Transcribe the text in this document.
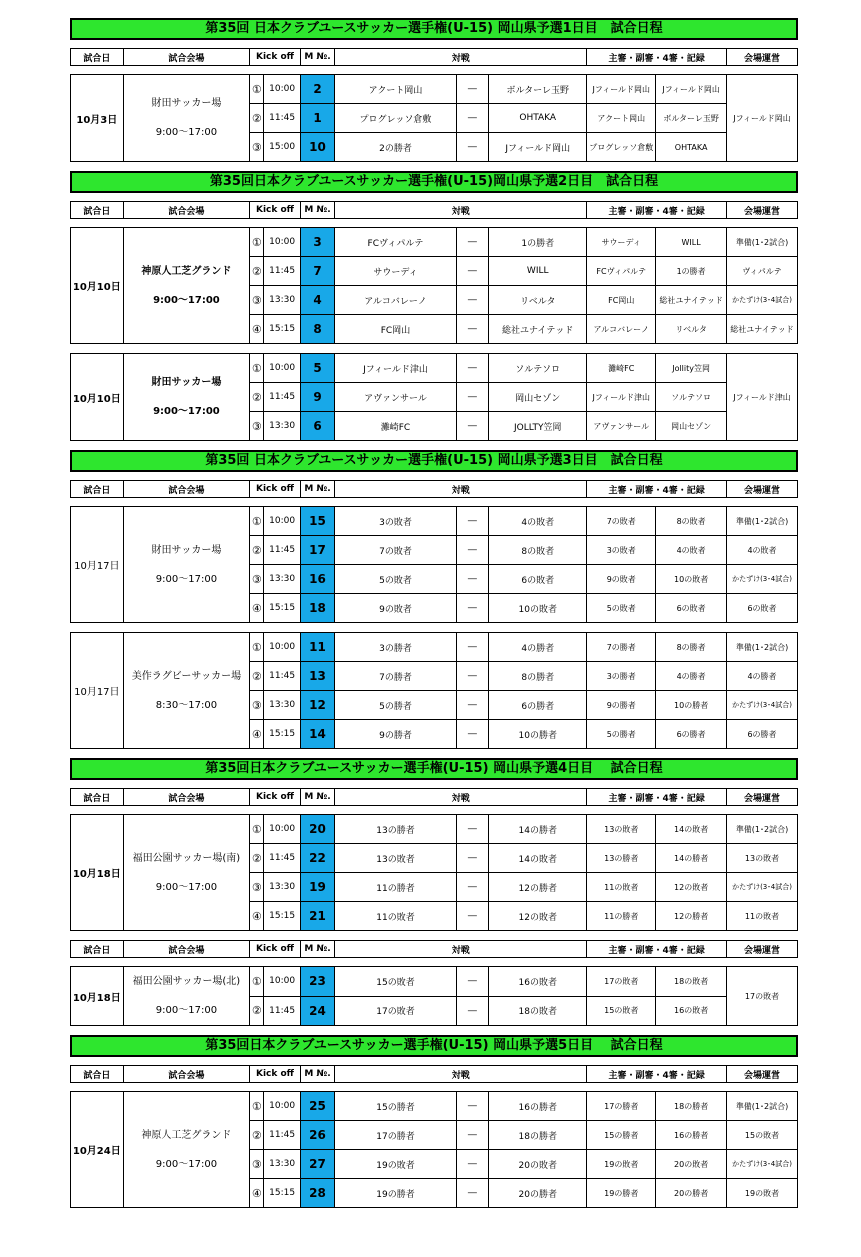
第35回 日本クラブユースサッカー選手権(U-15) 岡山県予選1日目　試合日程
試合日	試合会場	Kick off	M №.	対戦	主審・副審・4審・記録	会場運営
10月3日	財田サッカー場
9:00～17:00	①	10:00	2	アクート岡山	―	ボルターレ玉野	Jフィールド岡山	Jフィールド岡山	Jフィールド岡山
		②	11:45	1	プログレッソ倉敷	―	OHTAKA	アクート岡山	ボルターレ玉野	
		③	15:00	10	2の勝者	―	Jフィールド岡山	プログレッソ倉敷	OHTAKA	
第35回日本クラブユースサッカー選手権(U-15)岡山県予選2日目　試合日程
試合日	試合会場	Kick off	M №.	対戦	主審・副審・4審・記録	会場運営
10月10日	神原人工芝グランド
9:00～17:00	①	10:00	3	FCヴィパルテ	―	1の勝者	サウーディ	WILL	準備(1･2試合)
		②	11:45	7	サウーディ	―	WILL	FCヴィパルテ	1の勝者	ヴィパルテ
		③	13:30	4	アルコバレーノ	―	リベルタ	FC岡山	総社ユナイテッド	かたずけ(3･4試合)
		④	15:15	8	FC岡山	―	総社ユナイテッド	アルコバレーノ	リベルタ	総社ユナイテッド
10月10日	財田サッカー場
9:00～17:00	①	10:00	5	Jフィールド津山	―	ソルテソロ	灘崎FC	Jollity笠岡	Jフィールド津山
		②	11:45	9	アヴァンサール	―	岡山セゾン	Jフィールド津山	ソルテソロ	
		③	13:30	6	灘崎FC	―	JOLLTY笠岡	アヴァンサール	岡山セゾン	
第35回 日本クラブユースサッカー選手権(U-15) 岡山県予選3日目　試合日程
試合日	試合会場	Kick off	M №.	対戦	主審・副審・4審・記録	会場運営
10月17日	財田サッカー場
9:00～17:00	①	10:00	15	3の敗者	―	4の敗者	7の敗者	8の敗者	準備(1･2試合)
		②	11:45	17	7の敗者	―	8の敗者	3の敗者	4の敗者	4の敗者
		③	13:30	16	5の敗者	―	6の敗者	9の敗者	10の敗者	かたずけ(3･4試合)
		④	15:15	18	9の敗者	―	10の敗者	5の敗者	6の敗者	6の敗者
10月17日	美作ラグビーサッカー場
8:30～17:00	①	10:00	11	3の勝者	―	4の勝者	7の勝者	8の勝者	準備(1･2試合)
		②	11:45	13	7の勝者	―	8の勝者	3の勝者	4の勝者	4の勝者
		③	13:30	12	5の勝者	―	6の勝者	9の勝者	10の勝者	かたずけ(3･4試合)
		④	15:15	14	9の勝者	―	10の勝者	5の勝者	6の勝者	6の勝者
第35回日本クラブユースサッカー選手権(U-15) 岡山県予選4日目　 試合日程
試合日	試合会場	Kick off	M №.	対戦	主審・副審・4審・記録	会場運営
10月18日	福田公園サッカー場(南)
9:00～17:00	①	10:00	20	13の勝者	―	14の勝者	13の敗者	14の敗者	準備(1･2試合)
		②	11:45	22	13の敗者	―	14の敗者	13の勝者	14の勝者	13の敗者
		③	13:30	19	11の勝者	―	12の勝者	11の敗者	12の敗者	かたずけ(3･4試合)
		④	15:15	21	11の敗者	―	12の敗者	11の勝者	12の勝者	11の敗者
試合日	試合会場	Kick off	M №.	対戦	主審・副審・4審・記録	会場運営
10月18日	福田公園サッカー場(北)
9:00～17:00	①	10:00	23	15の敗者	―	16の敗者	17の敗者	18の敗者	17の敗者
		②	11:45	24	17の敗者	―	18の敗者	15の敗者	16の敗者	
第35回日本クラブユースサッカー選手権(U-15) 岡山県予選5日目　 試合日程
試合日	試合会場	Kick off	M №.	対戦	主審・副審・4審・記録	会場運営
10月24日	神原人工芝グランド
9:00～17:00	①	10:00	25	15の勝者	―	16の勝者	17の勝者	18の勝者	準備(1･2試合)
		②	11:45	26	17の勝者	―	18の勝者	15の勝者	16の勝者	15の敗者
		③	13:30	27	19の敗者	―	20の敗者	19の敗者	20の敗者	かたずけ(3･4試合)
		④	15:15	28	19の勝者	―	20の勝者	19の勝者	20の勝者	19の敗者
